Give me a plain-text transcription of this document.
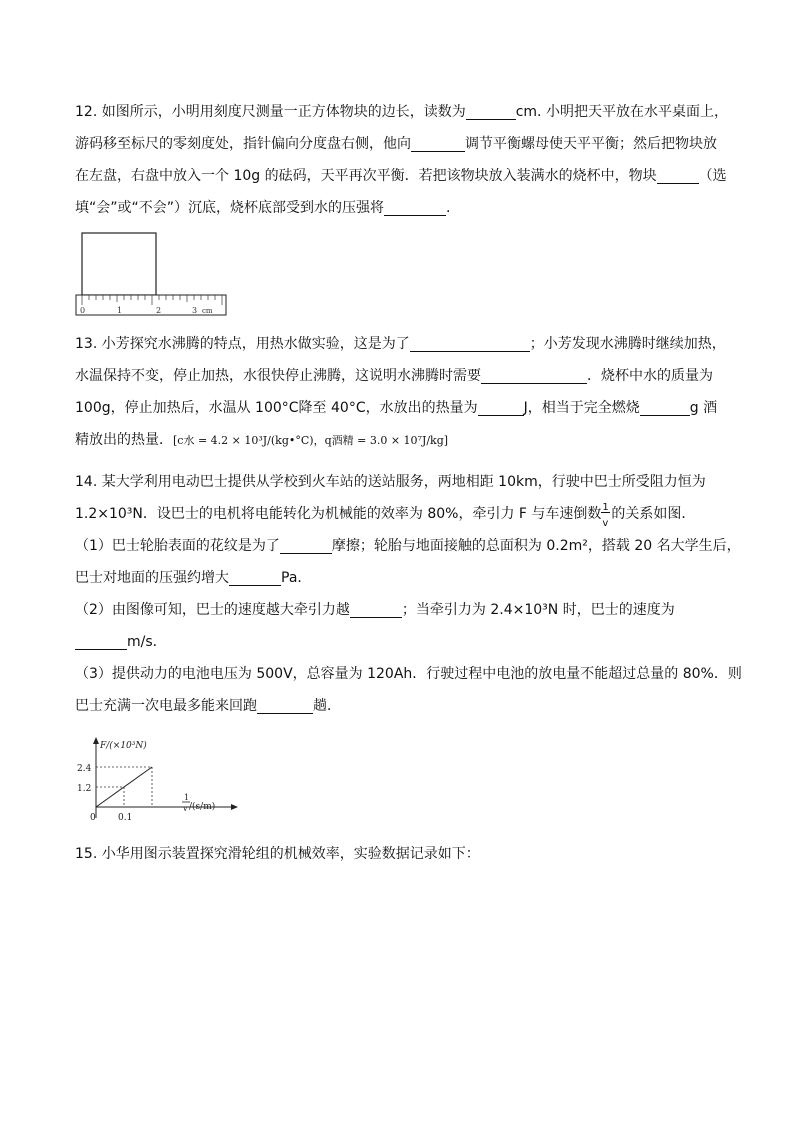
12. 如图所示，小明用刻度尺测量一正方体物块的边长，读数为	cm. 小明把天平放在水平桌面上，
游码移至标尺的零刻度处，指针偏向分度盘右侧，他向	调节平衡螺母使天平平衡；然后把物块放
在左盘，右盘中放入一个 10g 的砝码，天平再次平衡．若把该物块放入装满水的烧杯中，物块	（选
填“会”或“不会”）沉底，烧杯底部受到水的压强将	.
0	1	2	3 cm
13. 小芳探究水沸腾的特点，用热水做实验，这是为了	；小芳发现水沸腾时继续加热，
水温保持不变，停止加热，水很快停止沸腾，这说明水沸腾时需要	．烧杯中水的质量为
100g，停止加热后，水温从 100°C降至 40°C，水放出的热量为	J，相当于完全燃烧	g 酒
精放出的热量．[c水 = 4.2 × 10³J/(kg•°C)，q酒精 = 3.0 × 10⁷J/kg]
14. 某大学利用电动巴士提供从学校到火车站的送站服务，两地相距 10km，行驶中巴士所受阻力恒为
1.2×10³N．设巴士的电机将电能转化为机械能的效率为 80%，牵引力 F 与车速倒数 1
v
的关系如图．
（1）巴士轮胎表面的花纹是为了	摩擦；轮胎与地面接触的总面积为 0.2m²，搭载 20 名大学生后，
巴士对地面的压强约增大	Pa．
（2）由图像可知，巴士的速度越大牵引力越	；当牵引力为 2.4×10³N 时，巴士的速度为
m/s．
（3）提供动力的电池电压为 500V，总容量为 120Ah．行驶过程中电池的放电量不能超过总量的 80%．则
巴士充满一次电最多能来回跑	趟．
F/(×10³N)
2.4
1.2
0 0.1
1
v /(s/m)
15. 小华用图示装置探究滑轮组的机械效率，实验数据记录如下：
